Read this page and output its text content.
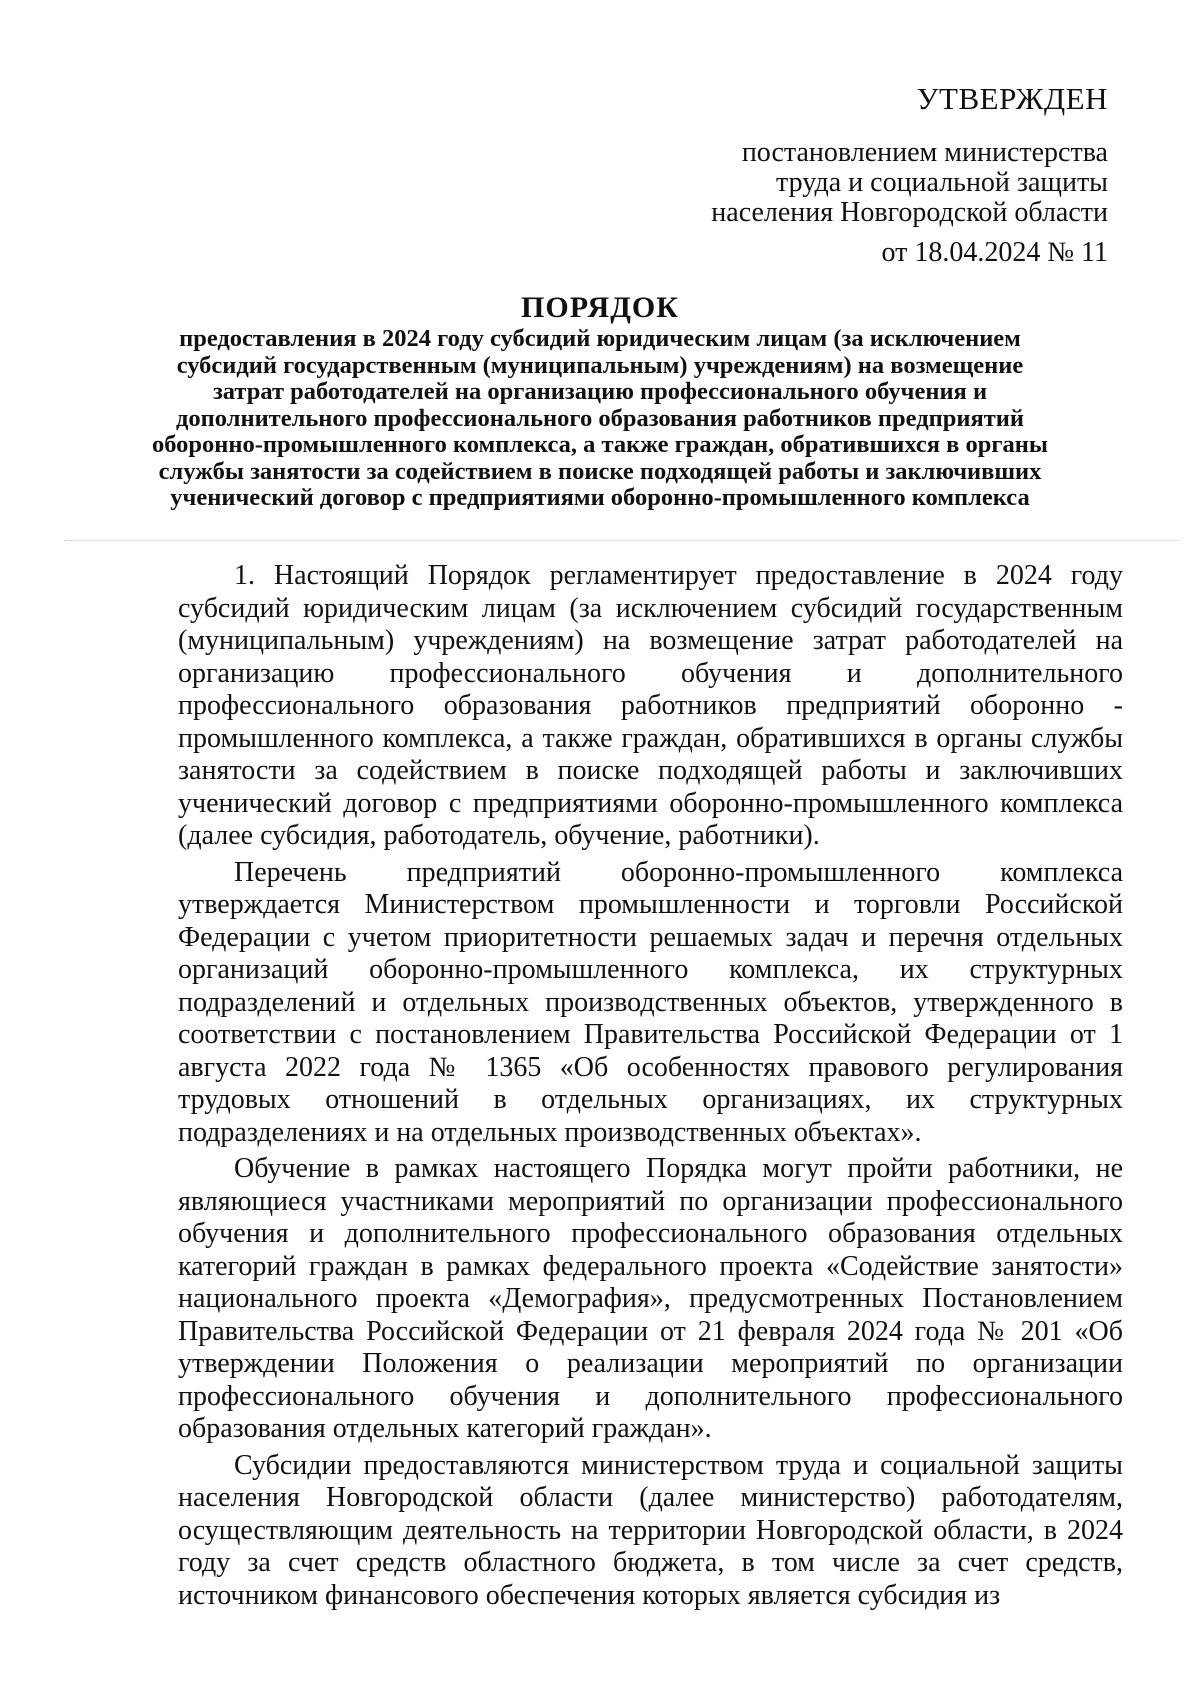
УТВЕРЖДЕН
постановлением министерства
труда и социальной защиты
населения Новгородской области
от 18.04.2024 № 11
ПОРЯДОК
предоставления в 2024 году субсидий юридическим лицам (за исключением субсидий государственным (муниципальным) учреждениям) на возмещение затрат работодателей на организацию профессионального обучения и дополнительного профессионального образования работников предприятий оборонно-промышленного комплекса, а также граждан, обратившихся в органы службы занятости за содействием в поиске подходящей работы и заключивших ученический договор с предприятиями оборонно-промышленного комплекса

1. Настоящий Порядок регламентирует предоставление в 2024 году субсидий юридическим лицам (за исключением субсидий государственным (муниципальным) учреждениям) на возмещение затрат работодателей на организацию профессионального обучения и дополнительного профессионального образования работников предприятий оборонно - промышленного комплекса, а также граждан, обратившихся в органы службы занятости за содействием в поиске подходящей работы и заключивших ученический договор с предприятиями оборонно-промышленного комплекса (далее субсидия, работодатель, обучение, работники).

Перечень предприятий оборонно-промышленного комплекса утверждается Министерством промышленности и торговли Российской Федерации с учетом приоритетности решаемых задач и перечня отдельных организаций оборонно-промышленного комплекса, их структурных подразделений и отдельных производственных объектов, утвержденного в соответствии с постановлением Правительства Российской Федерации от 1 августа 2022 года № 1365 «Об особенностях правового регулирования трудовых отношений в отдельных организациях, их структурных подразделениях и на отдельных производственных объектах».

Обучение в рамках настоящего Порядка могут пройти работники, не являющиеся участниками мероприятий по организации профессионального обучения и дополнительного профессионального образования отдельных категорий граждан в рамках федерального проекта «Содействие занятости» национального проекта «Демография», предусмотренных Постановлением Правительства Российской Федерации от 21 февраля 2024 года № 201 «Об утверждении Положения о реализации мероприятий по организации профессионального обучения и дополнительного профессионального образования отдельных категорий граждан».

Субсидии предоставляются министерством труда и социальной защиты населения Новгородской области (далее министерство) работодателям, осуществляющим деятельность на территории Новгородской области, в 2024 году за счет средств областного бюджета, в том числе за счет средств, источником финансового обеспечения которых является субсидия из
